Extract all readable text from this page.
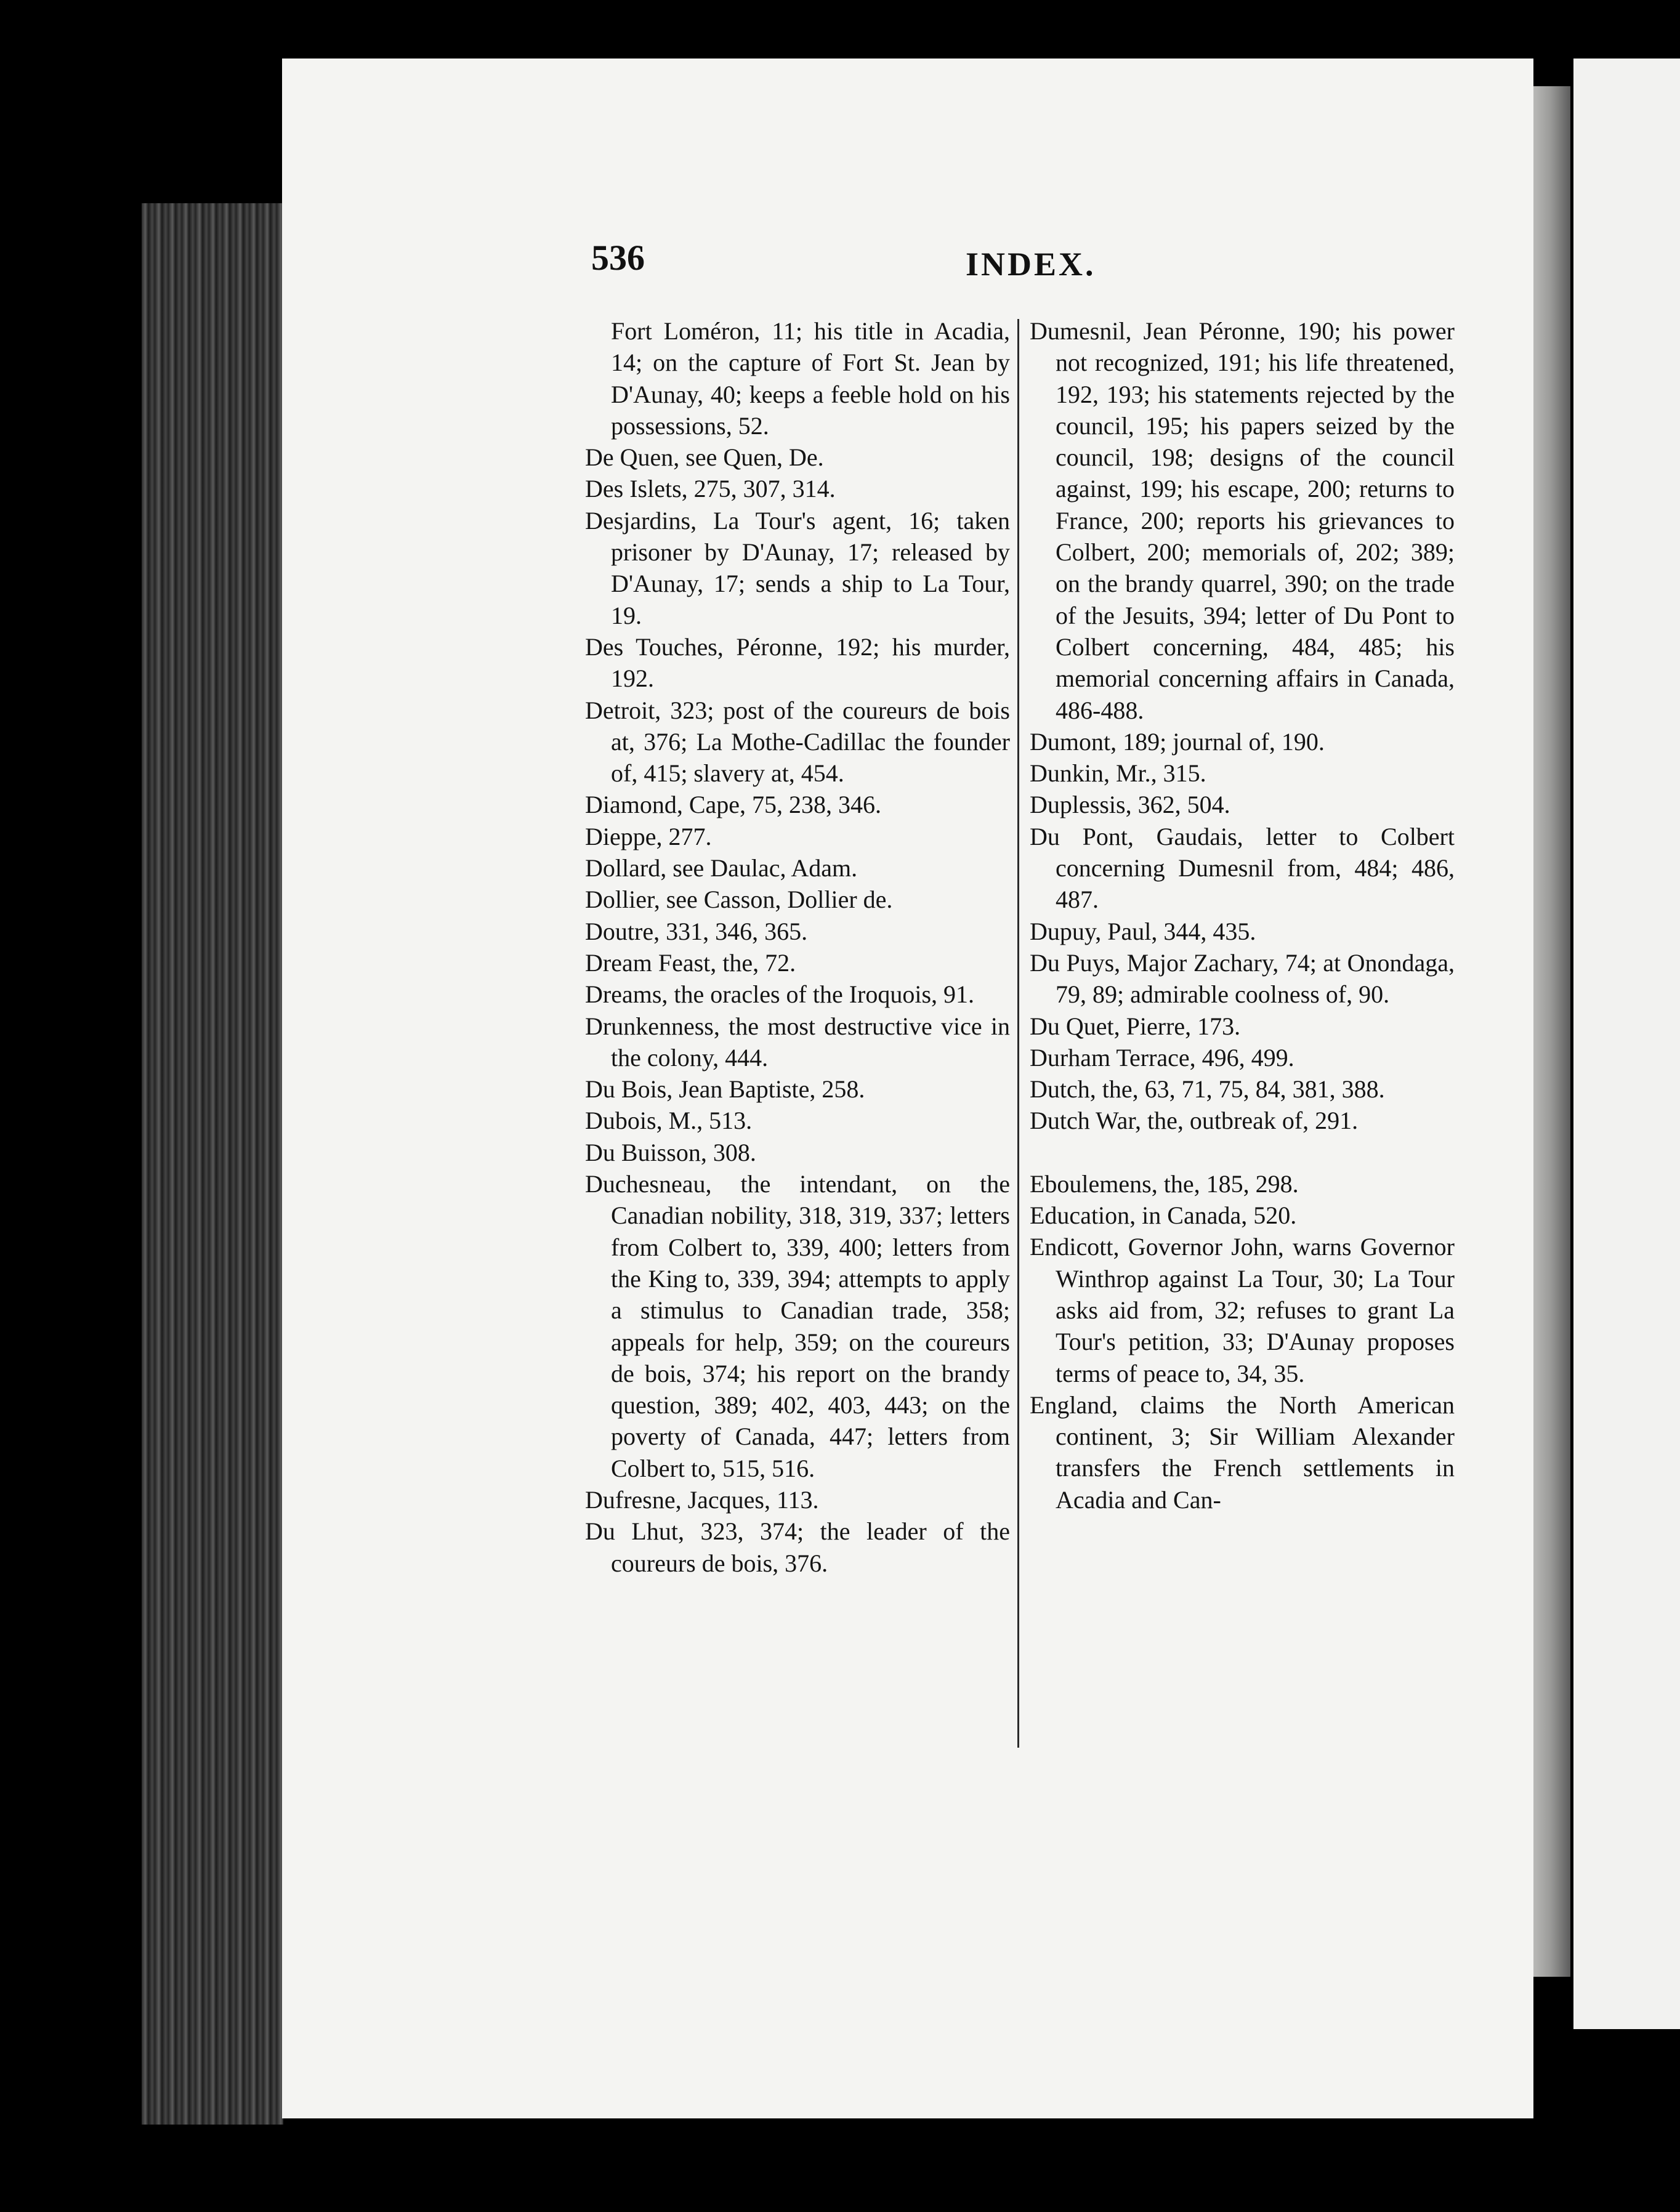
536	INDEX.

Fort Loméron, 11; his title in Acadia, 14; on the capture of Fort St. Jean by D'Aunay, 40; keeps a feeble hold on his possessions, 52.

De Quen, see Quen, De.

Des Islets, 275, 307, 314.

Desjardins, La Tour's agent, 16; taken prisoner by D'Aunay, 17; released by D'Aunay, 17; sends a ship to La Tour, 19.

Des Touches, Péronne, 192; his murder, 192.

Detroit, 323; post of the coureurs de bois at, 376; La Mothe-Cadillac the founder of, 415; slavery at, 454.

Diamond, Cape, 75, 238, 346.

Dieppe, 277.

Dollard, see Daulac, Adam.

Dollier, see Casson, Dollier de.

Doutre, 331, 346, 365.

Dream Feast, the, 72.

Dreams, the oracles of the Iroquois, 91.

Drunkenness, the most destructive vice in the colony, 444.

Du Bois, Jean Baptiste, 258.

Dubois, M., 513.

Du Buisson, 308.

Duchesneau, the intendant, on the Canadian nobility, 318, 319, 337; letters from Colbert to, 339, 400; letters from the King to, 339, 394; attempts to apply a stimulus to Canadian trade, 358; appeals for help, 359; on the coureurs de bois, 374; his report on the brandy question, 389; 402, 403, 443; on the poverty of Canada, 447; letters from Colbert to, 515, 516.

Dufresne, Jacques, 113.

Du Lhut, 323, 374; the leader of the coureurs de bois, 376.

Dumesnil, Jean Péronne, 190; his power not recognized, 191; his life threatened, 192, 193; his statements rejected by the council, 195; his papers seized by the council, 198; designs of the council against, 199; his escape, 200; returns to France, 200; reports his grievances to Colbert, 200; memorials of, 202; 389; on the brandy quarrel, 390; on the trade of the Jesuits, 394; letter of Du Pont to Colbert concerning, 484, 485; his memorial concerning affairs in Canada, 486-488.

Dumont, 189; journal of, 190.

Dunkin, Mr., 315.

Duplessis, 362, 504.

Du Pont, Gaudais, letter to Colbert concerning Dumesnil from, 484; 486, 487.

Dupuy, Paul, 344, 435.

Du Puys, Major Zachary, 74; at Onondaga, 79, 89; admirable coolness of, 90.

Du Quet, Pierre, 173.

Durham Terrace, 496, 499.

Dutch, the, 63, 71, 75, 84, 381, 388.

Dutch War, the, outbreak of, 291.

Eboulemens, the, 185, 298.

Education, in Canada, 520.

Endicott, Governor John, warns Governor Winthrop against La Tour, 30; La Tour asks aid from, 32; refuses to grant La Tour's petition, 33; D'Aunay proposes terms of peace to, 34, 35.

England, claims the North American continent, 3; Sir William Alexander transfers the French settlements in Acadia and Can-
